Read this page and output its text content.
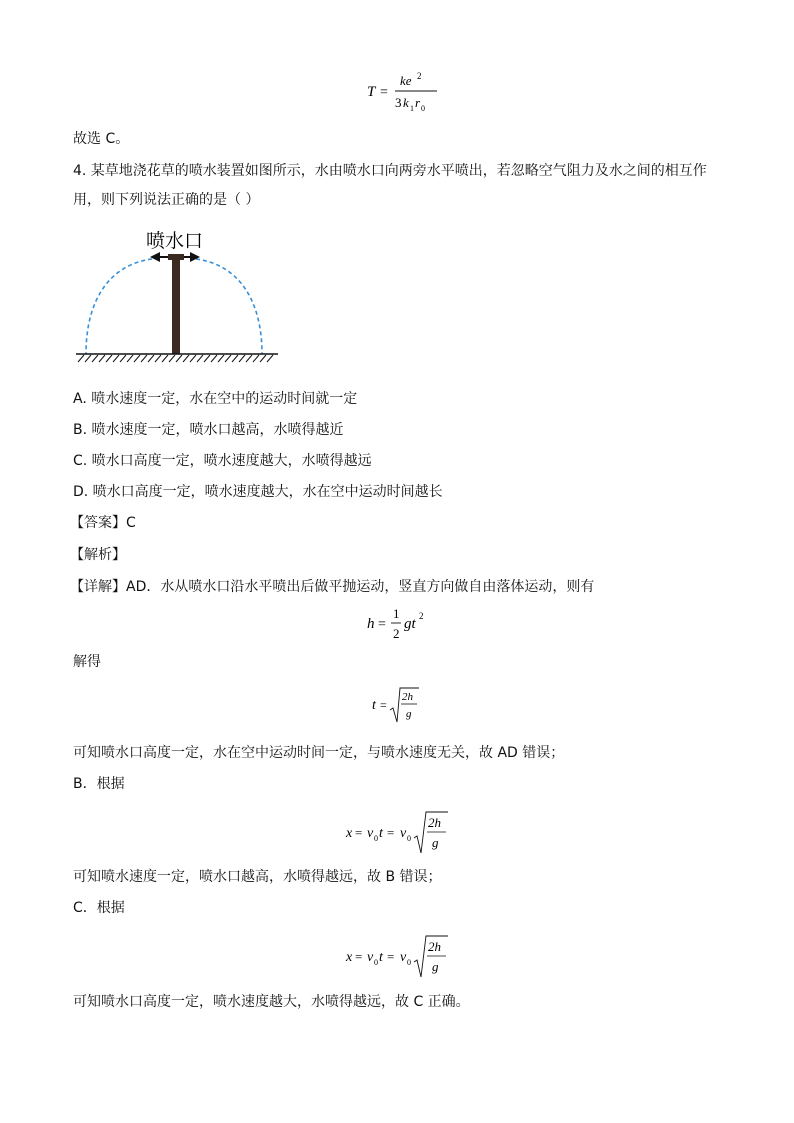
T =
ke 2
3 k 1 r 0
故选 C。
4. 某草地浇花草的喷水装置如图所示，水由喷水口向两旁水平喷出，若忽略空气阻力及水之间的相互作
用，则下列说法正确的是（ ）
喷水口
A. 喷水速度一定，水在空中的运动时间就一定
B. 喷水速度一定，喷水口越高，水喷得越近
C. 喷水口高度一定，喷水速度越大，水喷得越远
D. 喷水口高度一定，喷水速度越大，水在空中运动时间越长
【答案】C
【解析】
【详解】AD．水从喷水口沿水平喷出后做平抛运动，竖直方向做自由落体运动，则有
h =
1
2
gt 2
解得
t =
2h
g
可知喷水口高度一定，水在空中运动时间一定，与喷水速度无关，故 AD 错误；
B．根据
x = v 0 t = v 0
2h
g
可知喷水速度一定，喷水口越高，水喷得越远，故 B 错误；
C．根据
x = v 0 t = v 0
2h
g
可知喷水口高度一定，喷水速度越大，水喷得越远，故 C 正确。
